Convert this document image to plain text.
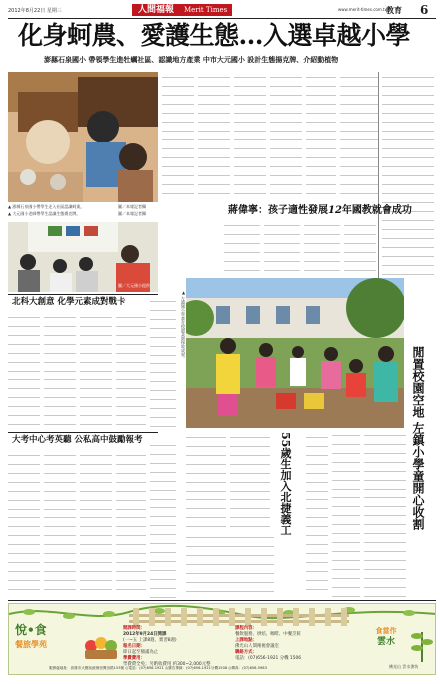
2012年8月22日 星期三	人間福報 Merit Times	www.merit-times.com.tw
教育 6
化身蚵農、愛護生態…入選卓越小學
澎縣石泉國小 帶領學生進牡蠣社區、認識地方產業 中市大元國小 設計生態揚克牌、介紹動植物
▲ 澎縣石泉國小帶學生走入社區認識蚵業。	圖／本報記者攝
▲ 大元國小老師帶學生認識生態揚克牌。	圖／本報記者攝
圖／大元國小提供
蔣偉寧：孩子適性發展12年國教就會成功
北科大創意 化學元素成對戰卡
大考中心考英聽 公私高中鼓勵報考
▲ 左鎮國小學童在校園菜園採收成果。
閒置校園空地 左鎮小學童開心收割
55歲生加入北捷義工
悅•食
餐旅學苑
開課時間：
2012年9月24日開課
(一~五 上課8週、實習8週)
報名日期：
即日起至額滿為止
學費費用：
學費費全免；另酌收費用 約300~2,000元整
課程內容：
餐飲服務、烘焙、咖啡、中餐烹飪
上課地點：
佛光山人間衛視會議室
聯絡方式：
電話：(07)656-1921 分機 1506
食當作
雲水
佛光山 雲水書坊
服務處地址：高雄市大樹區統嶺里興田路153號 ◎電話：(07)656-1921 ◎廣告專線：(07)656-1921分機1508 ◎傳真：(07)656-5963
